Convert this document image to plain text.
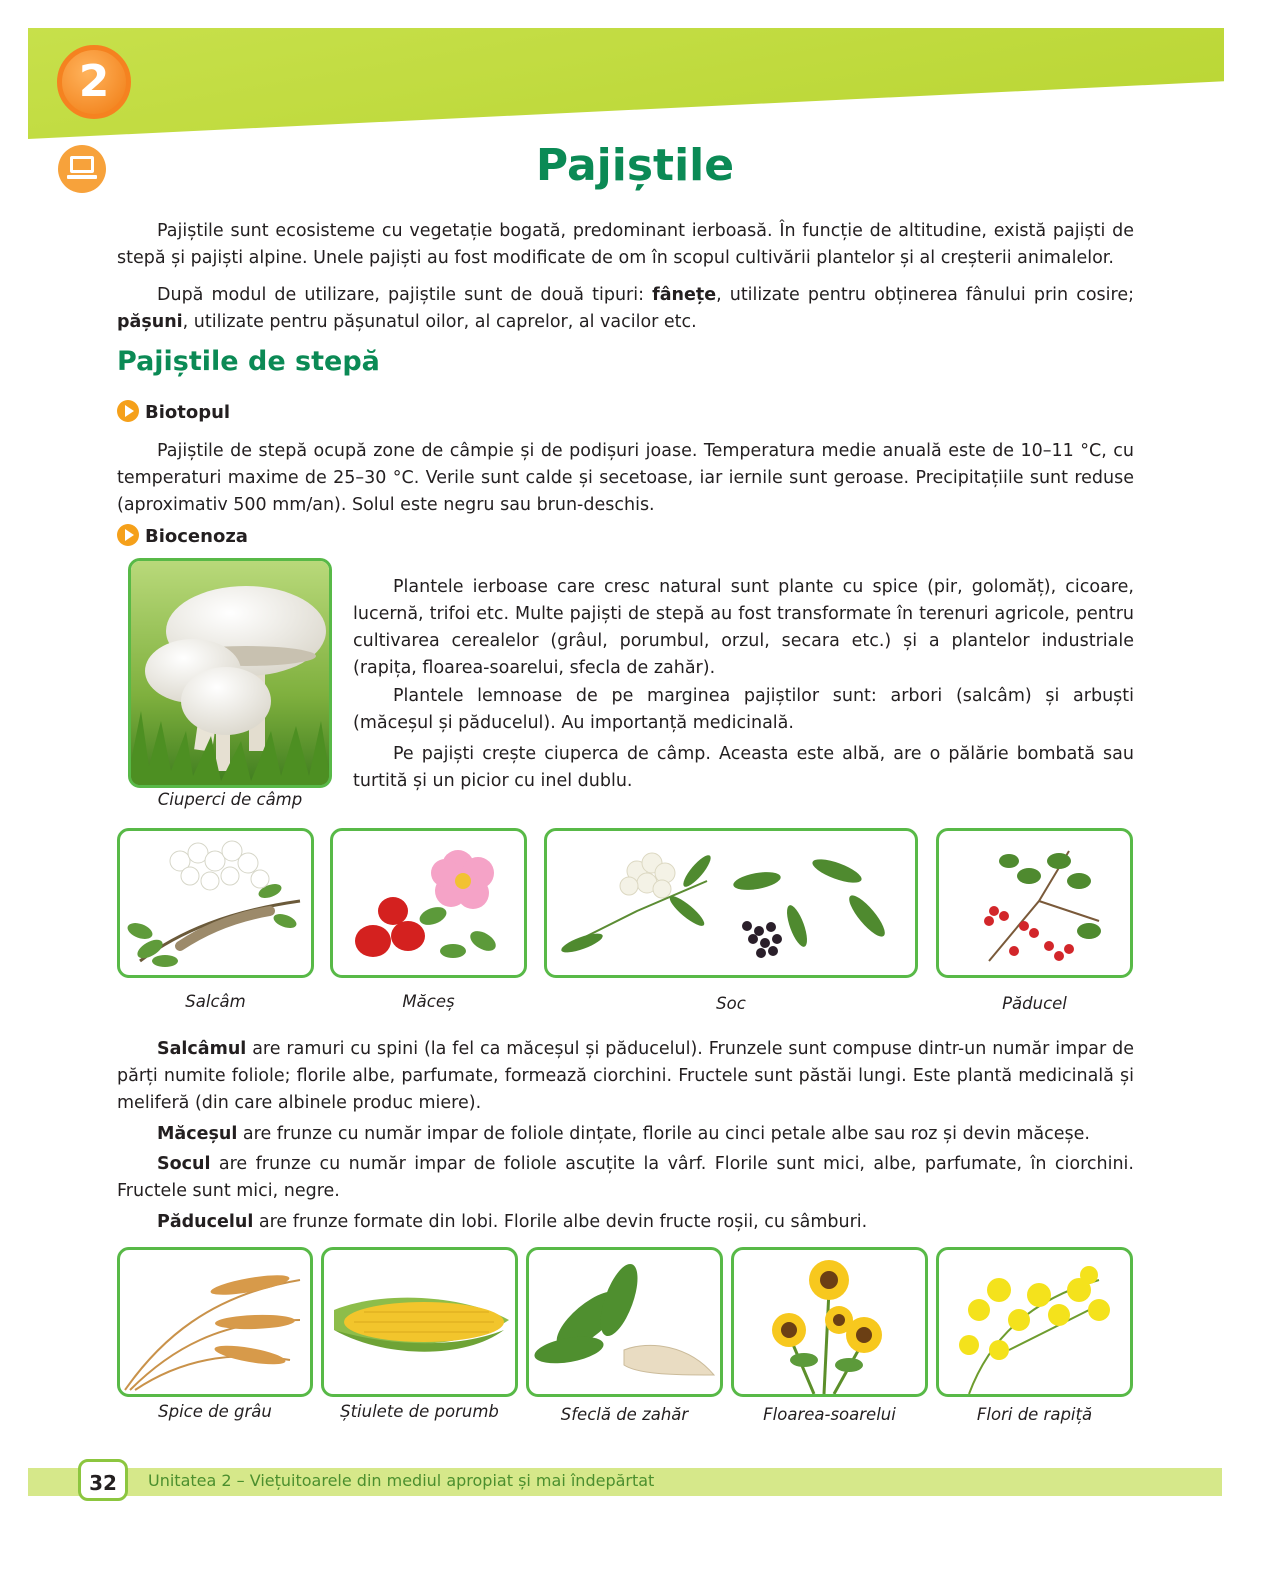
2
Pajiștile

Pajiștile sunt ecosisteme cu vegetație bogată, predominant ierboasă. În funcție de altitudine, există pajiști de stepă și pajiști alpine. Unele pajiști au fost modificate de om în scopul cultivării plantelor și al creșterii animalelor.

După modul de utilizare, pajiștile sunt de două tipuri: fânețe, utilizate pentru obținerea fânului prin cosire; pășuni, utilizate pentru pășunatul oilor, al caprelor, al vacilor etc.

Pajiștile de stepă
Biotopul

Pajiștile de stepă ocupă zone de câmpie și de podișuri joase. Temperatura medie anuală este de 10–11 °C, cu temperaturi maxime de 25–30 °C. Verile sunt calde și secetoase, iar iernile sunt geroase. Precipitațiile sunt reduse (aproximativ 500 mm/an). Solul este negru sau brun-deschis.

Biocenoza
Ciuperci de câmp

Plantele ierboase care cresc natural sunt plante cu spice (pir, golomăț), cicoare, lucernă, trifoi etc. Multe pajiști de stepă au fost transformate în terenuri agricole, pentru cultivarea cerealelor (grâul, porumbul, orzul, secara etc.) și a plantelor industriale (rapița, floarea-soarelui, sfecla de zahăr).

Plantele lemnoase de pe marginea pajiștilor sunt: arbori (salcâm) și arbuști (măceșul și păducelul). Au importanță medicinală.

Pe pajiști crește ciuperca de câmp. Aceasta este albă, are o pălărie bombată sau turtită și un picior cu inel dublu.

Salcâm	Măceș	Soc	Păducel

Salcâmul are ramuri cu spini (la fel ca măceșul și păducelul). Frunzele sunt compuse dintr-un număr impar de părți numite foliole; florile albe, parfumate, formează ciorchini. Fructele sunt păstăi lungi. Este plantă medicinală și meliferă (din care albinele produc miere).

Măceșul are frunze cu număr impar de foliole dințate, florile au cinci petale albe sau roz și devin măceșe.

Socul are frunze cu număr impar de foliole ascuțite la vârf. Florile sunt mici, albe, parfumate, în ciorchini. Fructele sunt mici, negre.

Păducelul are frunze formate din lobi. Florile albe devin fructe roșii, cu sâmburi.

Spice de grâu	Știulete de porumb	Sfeclă de zahăr	Floarea-soarelui	Flori de rapiță
32	Unitatea 2 – Viețuitoarele din mediul apropiat și mai îndepărtat
